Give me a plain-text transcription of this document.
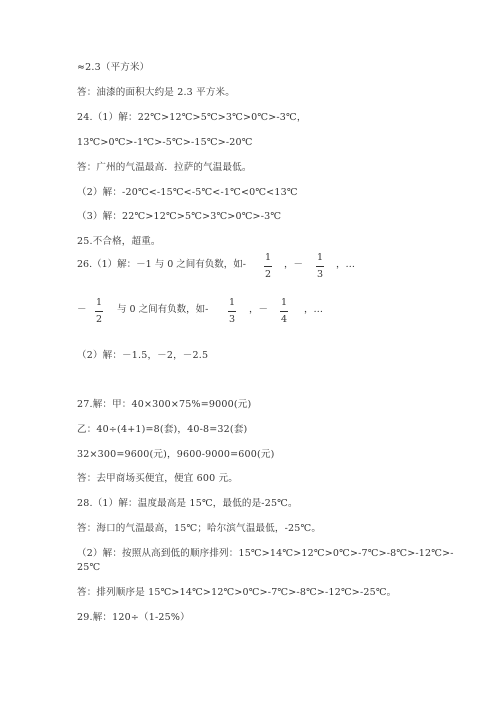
≈2.3（平方米）
答：油漆的面积大约是 2.3 平方米。
24.（1）解：22℃>12℃>5℃>3℃>0℃>-3℃，
13℃>0℃>-1℃>-5℃>-15℃>-20℃
答：广州的气温最高．拉萨的气温最低。
（2）解：-20℃<-15℃<-5℃<-1℃<0℃<13℃
（3）解：22℃>12℃>5℃>3℃>0℃>-3℃
25.不合格，超重。
26.（1）解：－1 与 0 之间有负数，如-
1
2
，－
1
3
，…
－
1
2
与 0 之间有负数，如-
1
3
，－
1
4
，…
（2）解：－1.5，－2，－2.5
27.解：甲：40×300×75%=9000(元)
乙：40÷(4+1)=8(套)，40-8=32(套)
32×300=9600(元)，9600-9000=600(元)
答：去甲商场买便宜，便宜 600 元。
28.（1）解：温度最高是 15℃，最低的是-25℃。
答：海口的气温最高，15℃；哈尔滨气温最低，-25℃。
（2）解：按照从高到低的顺序排列：15℃>14℃>12℃>0℃>-7℃>-8℃>-12℃>-
25℃
答：排列顺序是 15℃>14℃>12℃>0℃>-7℃>-8℃>-12℃>-25℃。
29.解：120÷（1-25%）
